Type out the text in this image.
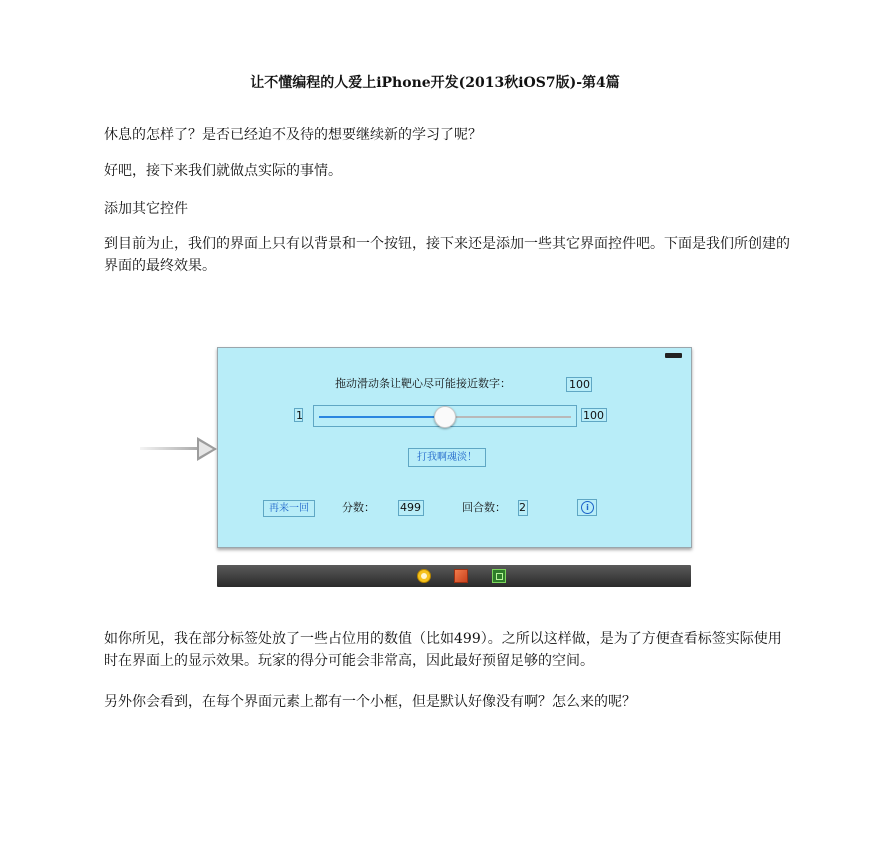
让不懂编程的人爱上iPhone开发(2013秋iOS7版)-第4篇

休息的怎样了？是否已经迫不及待的想要继续新的学习了呢？

好吧，接下来我们就做点实际的事情。

添加其它控件

到目前为止，我们的界面上只有以背景和一个按钮，接下来还是添加一些其它界面控件吧。下面是我们所创建的界面的最终效果。

拖动滑动条让靶心尽可能接近数字：	100
1	100
打我啊魂淡！
再来一回	分数： 499	回合数： 2	i

如你所见，我在部分标签处放了一些占位用的数值（比如499）。之所以这样做，是为了方便查看标签实际使用时在界面上的显示效果。玩家的得分可能会非常高，因此最好预留足够的空间。

另外你会看到，在每个界面元素上都有一个小框，但是默认好像没有啊？怎么来的呢？
